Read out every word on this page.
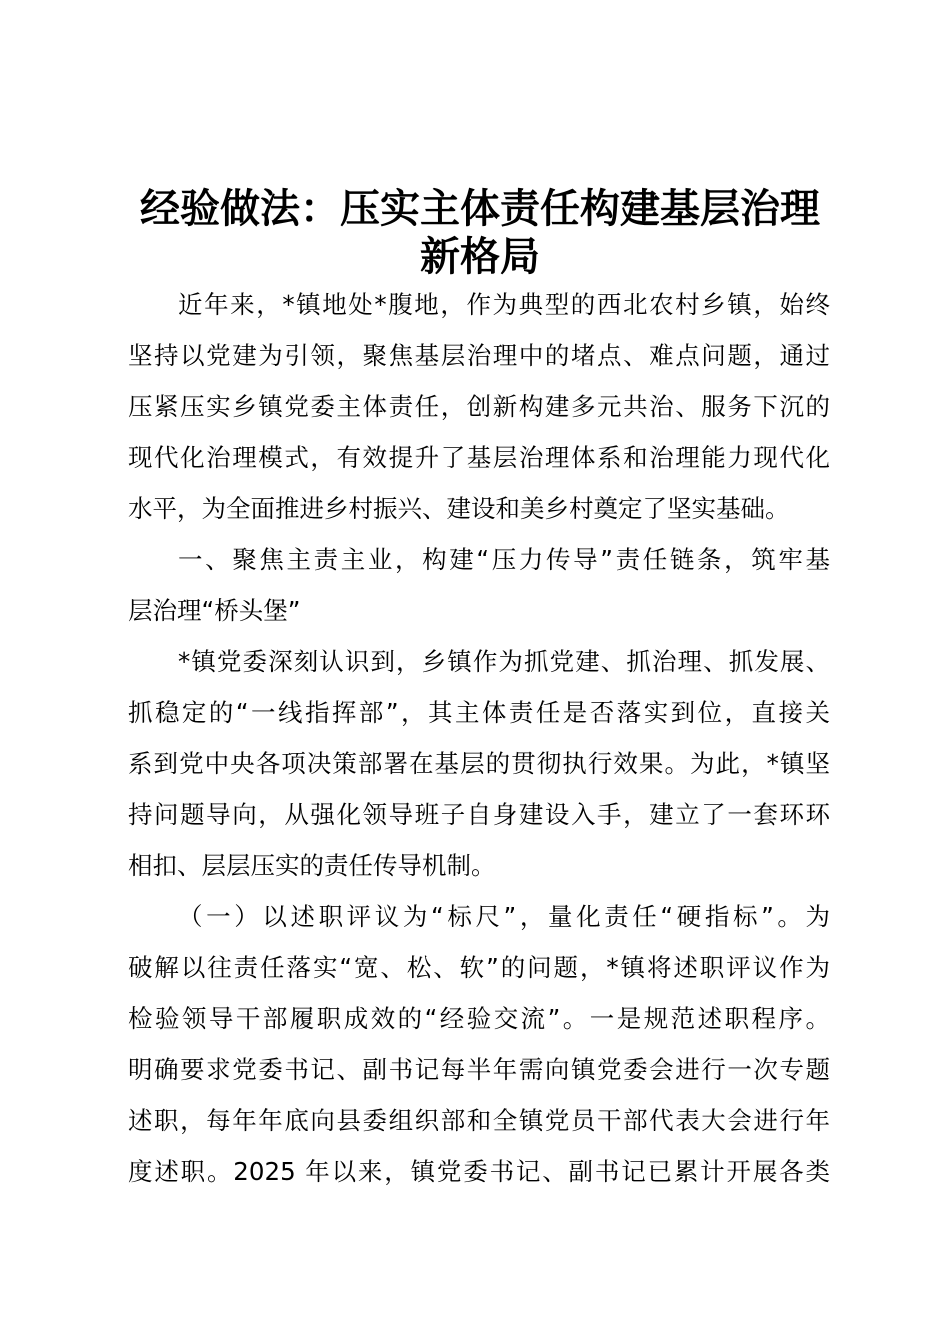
经验做法：压实主体责任构建基层治理
新格局

近年来，*镇地处*腹地，作为典型的西北农村乡镇，始终

坚持以党建为引领，聚焦基层治理中的堵点、难点问题，通过

压紧压实乡镇党委主体责任，创新构建多元共治、服务下沉的

现代化治理模式，有效提升了基层治理体系和治理能力现代化

水平，为全面推进乡村振兴、建设和美乡村奠定了坚实基础。

一、聚焦主责主业，构建“压力传导”责任链条，筑牢基

层治理“桥头堡”

*镇党委深刻认识到，乡镇作为抓党建、抓治理、抓发展、

抓稳定的“一线指挥部”，其主体责任是否落实到位，直接关

系到党中央各项决策部署在基层的贯彻执行效果。为此，*镇坚

持问题导向，从强化领导班子自身建设入手，建立了一套环环

相扣、层层压实的责任传导机制。

（一）以述职评议为“标尺”，量化责任“硬指标”。为

破解以往责任落实“宽、松、软”的问题，*镇将述职评议作为

检验领导干部履职成效的“经验交流”。一是规范述职程序。

明确要求党委书记、副书记每半年需向镇党委会进行一次专题

述职，每年年底向县委组织部和全镇党员干部代表大会进行年

度述职。2025 年以来，镇党委书记、副书记已累计开展各类
